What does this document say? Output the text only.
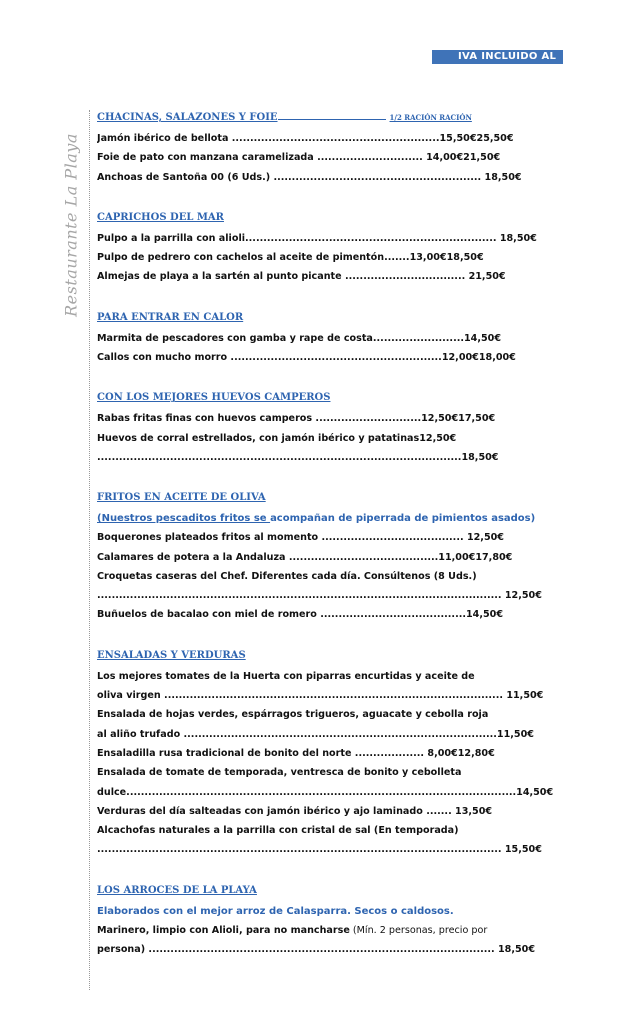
IVA INCLUIDO AL
Restaurante La Playa
CHACINAS, SALAZONES Y FOIE	1/2 RACIÓN RACIÓN
Jamón ibérico de bellota .........................................................15,50€25,50€
Foie de pato con manzana caramelizada ............................. 14,00€21,50€
Anchoas de Santoña 00 (6 Uds.) ......................................................... 18,50€
CAPRICHOS DEL MAR
Pulpo a la parrilla con alioli..................................................................... 18,50€
Pulpo de pedrero con cachelos al aceite de pimentón.......13,00€18,50€
Almejas de playa a la sartén al punto picante ................................. 21,50€
PARA ENTRAR EN CALOR
Marmita de pescadores con gamba y rape de costa.........................14,50€
Callos con mucho morro ..........................................................12,00€18,00€
CON LOS MEJORES HUEVOS CAMPEROS
Rabas fritas finas con huevos camperos .............................12,50€17,50€
Huevos de corral estrellados, con jamón ibérico y patatinas12,50€
....................................................................................................18,50€
FRITOS EN ACEITE DE OLIVA
(Nuestros pescaditos fritos se acompañan de piperrada de pimientos asados)
Boquerones plateados fritos al momento ....................................... 12,50€
Calamares de potera a la Andaluza .........................................11,00€17,80€
Croquetas caseras del Chef. Diferentes cada día. Consúltenos (8 Uds.)
............................................................................................................... 12,50€
Buñuelos de bacalao con miel de romero ........................................14,50€
ENSALADAS Y VERDURAS
Los mejores tomates de la Huerta con piparras encurtidas y aceite de
oliva virgen ............................................................................................. 11,50€
Ensalada de hojas verdes, espárragos trigueros, aguacate y cebolla roja
al aliño trufado ......................................................................................11,50€
Ensaladilla rusa tradicional de bonito del norte ................... 8,00€12,80€
Ensalada de tomate de temporada, ventresca de bonito y cebolleta
dulce...........................................................................................................14,50€
Verduras del día salteadas con jamón ibérico y ajo laminado ....... 13,50€
Alcachofas naturales a la parrilla con cristal de sal (En temporada)
............................................................................................................... 15,50€
LOS ARROCES DE LA PLAYA
Elaborados con el mejor arroz de Calasparra. Secos o caldosos.
Marinero, limpio con Alioli, para no mancharse (Mín. 2 personas, precio por
persona) ............................................................................................... 18,50€
